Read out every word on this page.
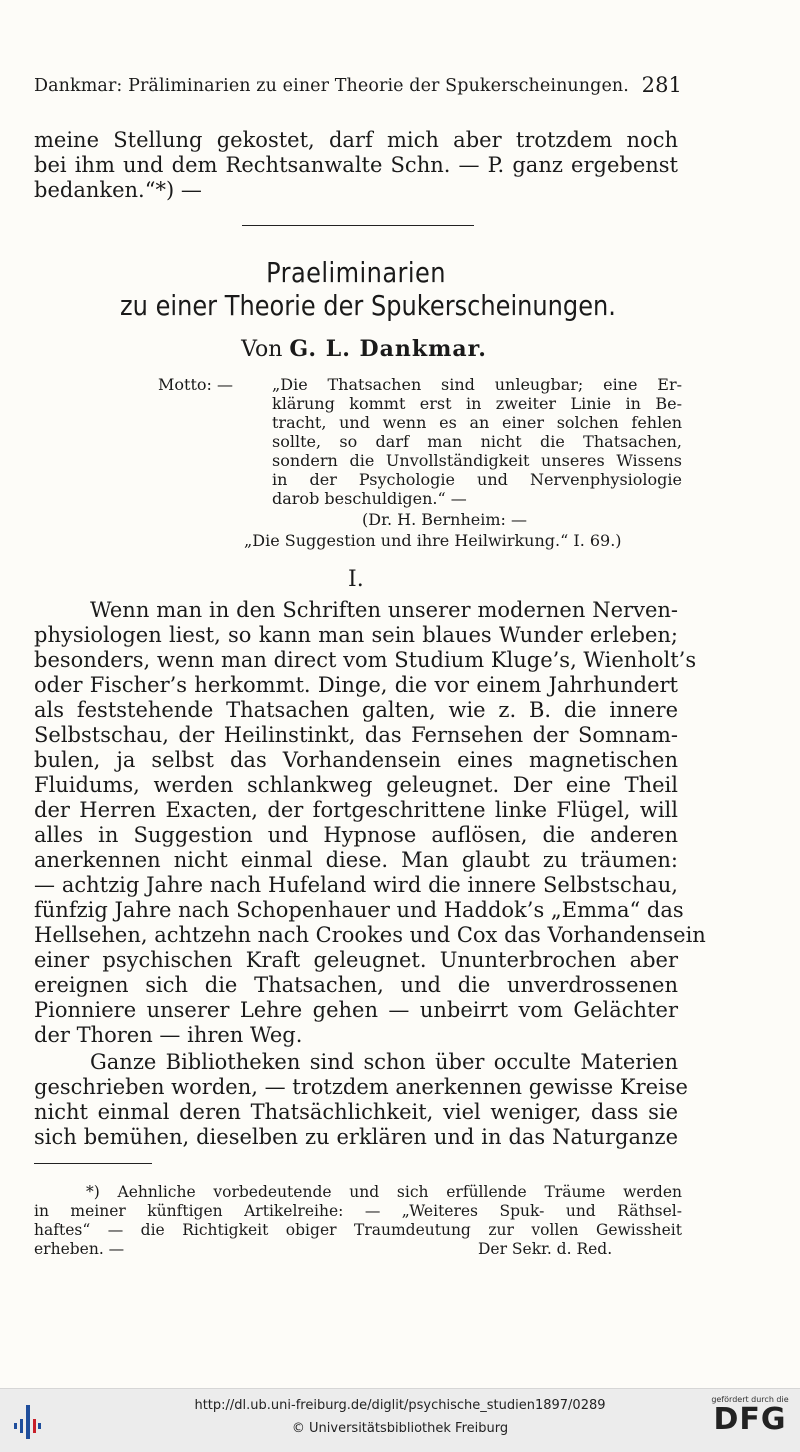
Dankmar: Präliminarien zu einer Theorie der Spukerscheinungen. 281
meine Stellung gekostet, darf mich aber trotzdem noch
bei ihm und dem Rechtsanwalte Schn. — P. ganz ergebenst
bedanken.“*) —
Praeliminarien
zu einer Theorie der Spukerscheinungen.
Von G. L. Dankmar.
Motto: — „Die Thatsachen sind unleugbar; eine Er-
klärung kommt erst in zweiter Linie in Be-
tracht, und wenn es an einer solchen fehlen
sollte, so darf man nicht die Thatsachen,
sondern die Unvollständigkeit unseres Wissens
in der Psychologie und Nervenphysiologie
darob beschuldigen.“ —
(Dr. H. Bernheim: —
„Die Suggestion und ihre Heilwirkung.“ I. 69.)
I.
Wenn man in den Schriften unserer modernen Nerven-
physiologen liest, so kann man sein blaues Wunder erleben;
besonders, wenn man direct vom Studium Kluge’s, Wienholt’s
oder Fischer’s herkommt. Dinge, die vor einem Jahrhundert
als feststehende Thatsachen galten, wie z. B. die innere
Selbstschau, der Heilinstinkt, das Fernsehen der Somnam-
bulen, ja selbst das Vorhandensein eines magnetischen
Fluidums, werden schlankweg geleugnet. Der eine Theil
der Herren Exacten, der fortgeschrittene linke Flügel, will
alles in Suggestion und Hypnose auflösen, die anderen
anerkennen nicht einmal diese. Man glaubt zu träumen:
— achtzig Jahre nach Hufeland wird die innere Selbstschau,
fünfzig Jahre nach Schopenhauer und Haddok’s „Emma“ das
Hellsehen, achtzehn nach Crookes und Cox das Vorhandensein
einer psychischen Kraft geleugnet. Ununterbrochen aber
ereignen sich die Thatsachen, und die unverdrossenen
Pionniere unserer Lehre gehen — unbeirrt vom Gelächter
der Thoren — ihren Weg.
Ganze Bibliotheken sind schon über occulte Materien
geschrieben worden, — trotzdem anerkennen gewisse Kreise
nicht einmal deren Thatsächlichkeit, viel weniger, dass sie
sich bemühen, dieselben zu erklären und in das Naturganze
*) Aehnliche vorbedeutende und sich erfüllende Träume werden
in meiner künftigen Artikelreihe: — „Weiteres Spuk- und Räthsel-
haftes“ — die Richtigkeit obiger Traumdeutung zur vollen Gewissheit
erheben. —	Der Sekr. d. Red.
http://dl.ub.uni-freiburg.de/diglit/psychische_studien1897/0289
© Universitätsbibliothek Freiburg
gefördert durch die
DFG
